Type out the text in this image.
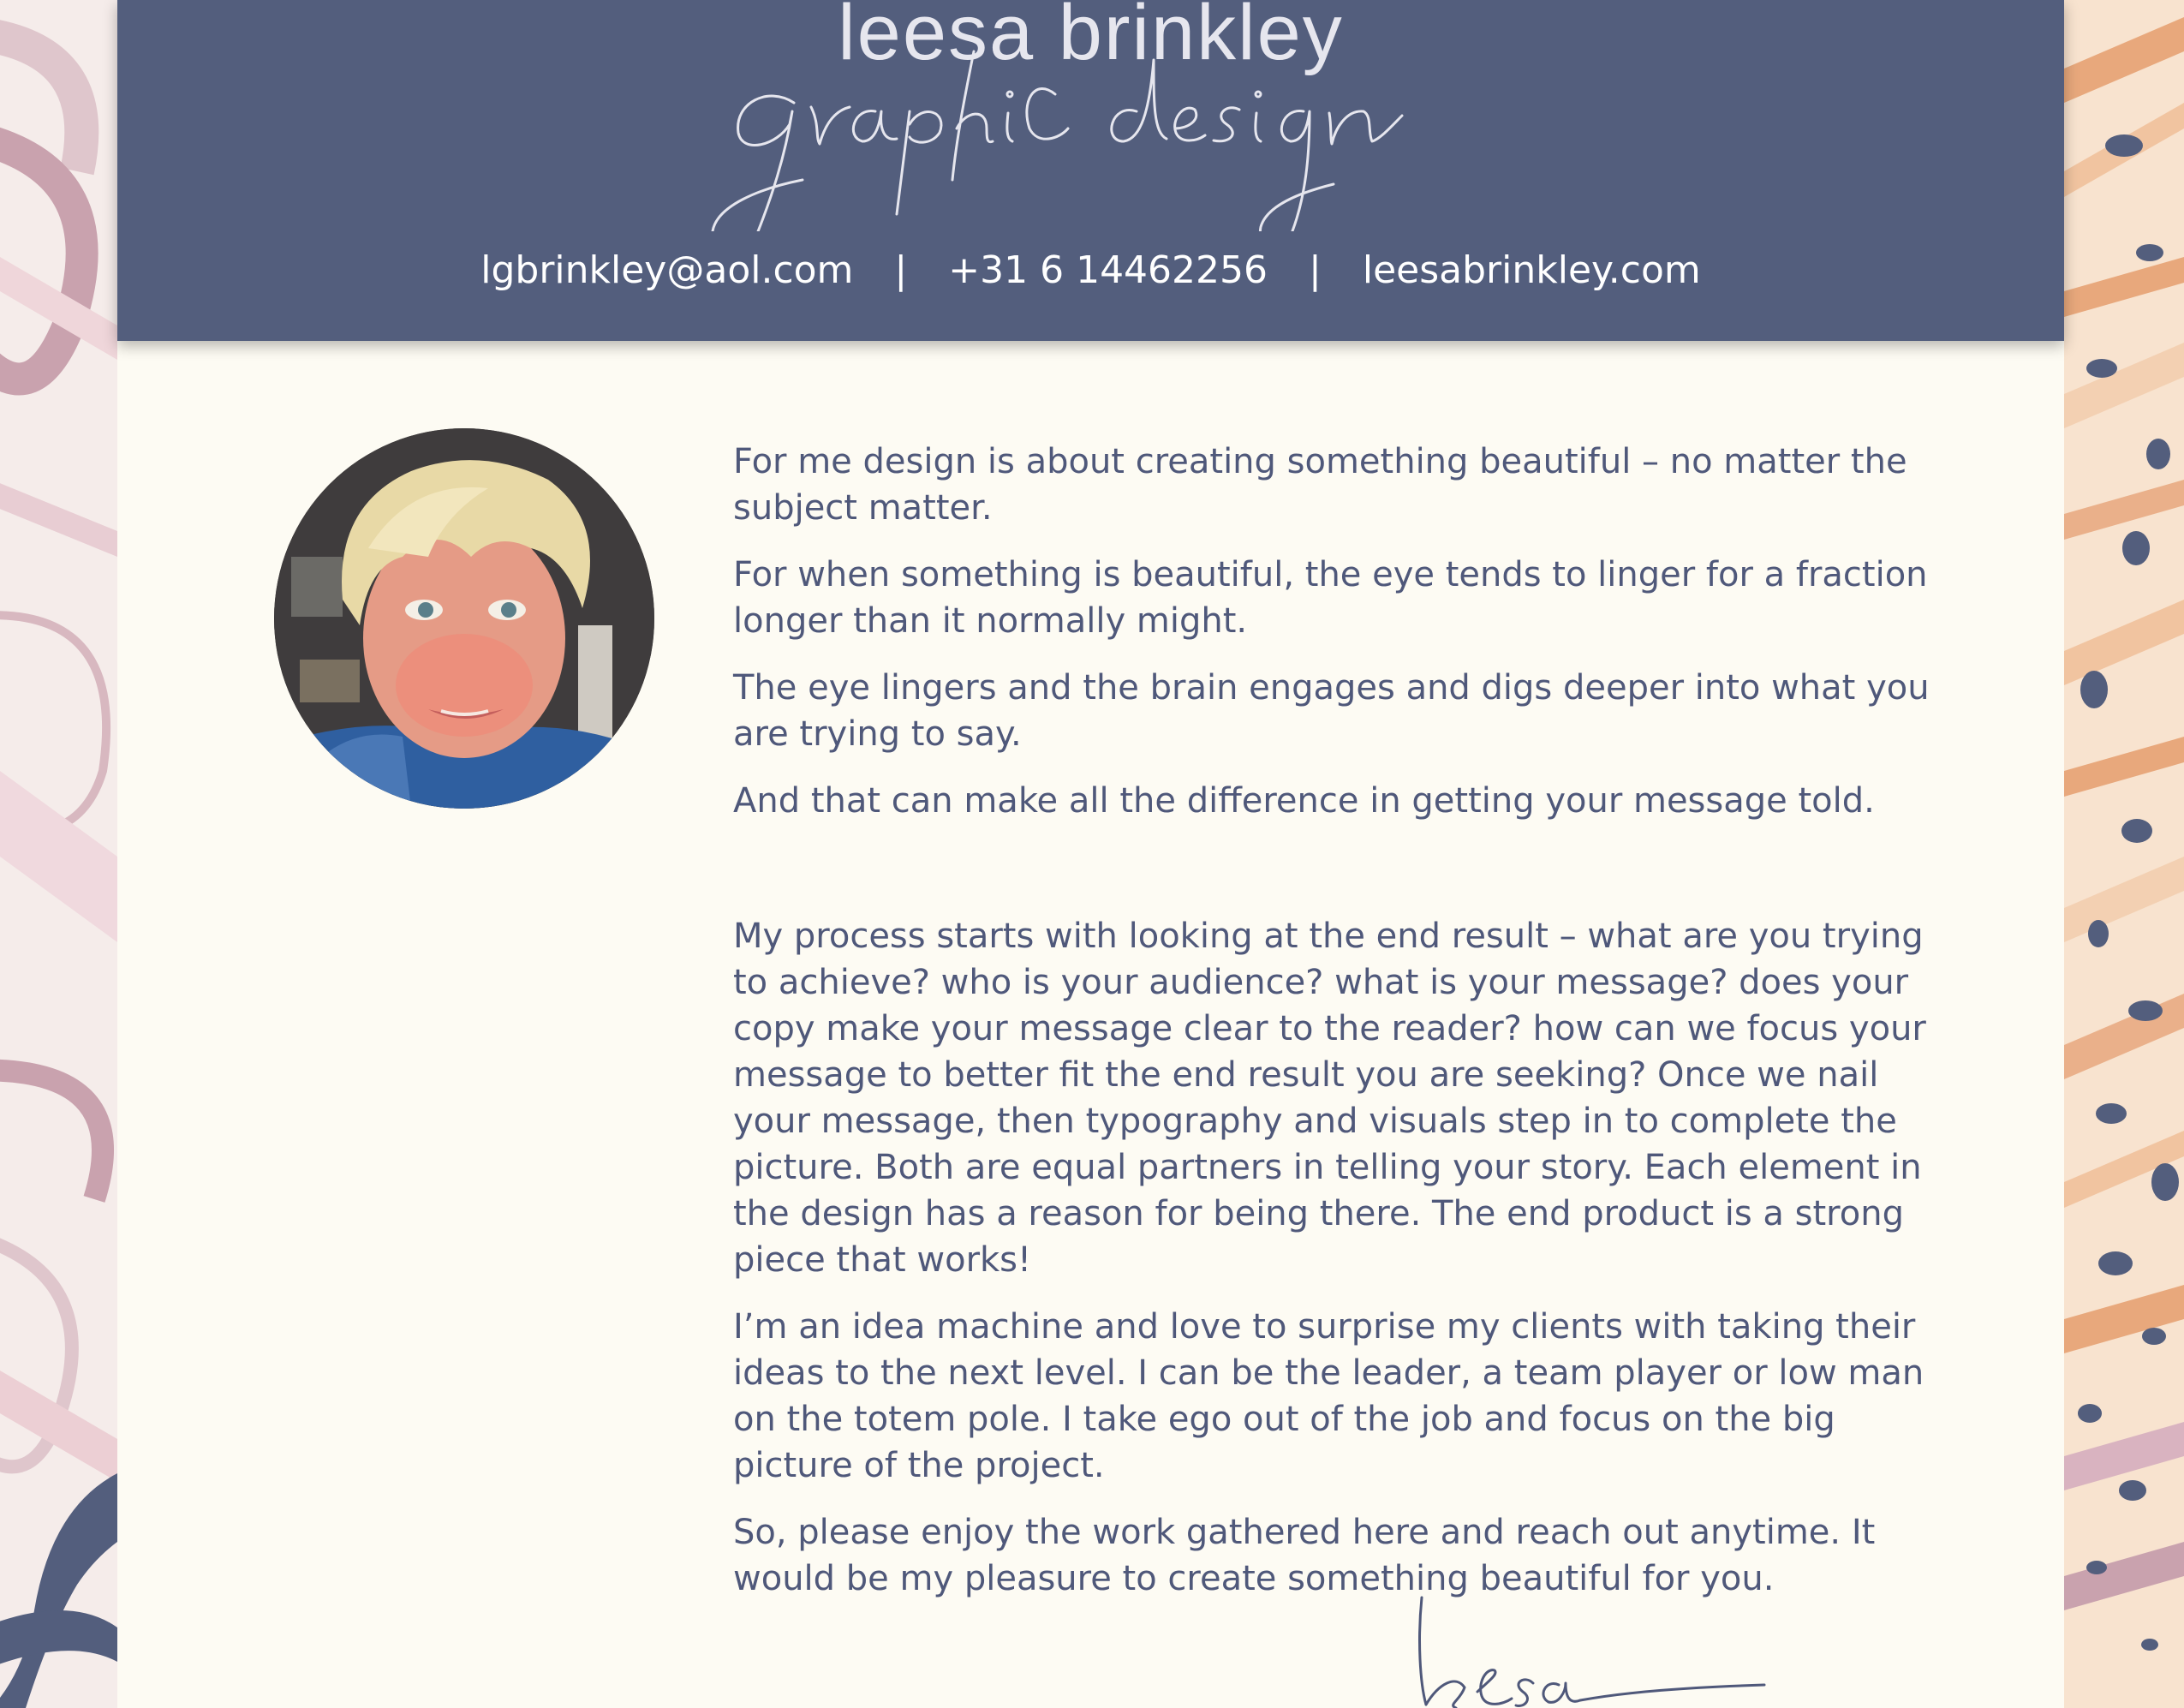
leesa brinkley
lgbrinkley@aol.com | +31 6 14462256 | leesabrinkley.com

For me design is about creating something beautiful – no matter the subject matter.

For when something is beautiful, the eye tends to linger for a fraction longer than it normally might.

The eye lingers and the brain engages and digs deeper into what you are trying to say.

And that can make all the difference in getting your message told.

My process starts with looking at the end result – what are you trying to achieve? who is your audience? what is your message? does your copy make your message clear to the reader? how can we focus your message to better fit the end result you are seeking? Once we nail your message, then typography and visuals step in to complete the picture. Both are equal partners in telling your story. Each element in the design has a reason for being there. The end product is a strong piece that works!

I’m an idea machine and love to surprise my clients with taking their ideas to the next level. I can be the leader, a team player or low man on the totem pole. I take ego out of the job and focus on the big picture of the project.

So, please enjoy the work gathered here and reach out anytime. It would be my pleasure to create something beautiful for you.
